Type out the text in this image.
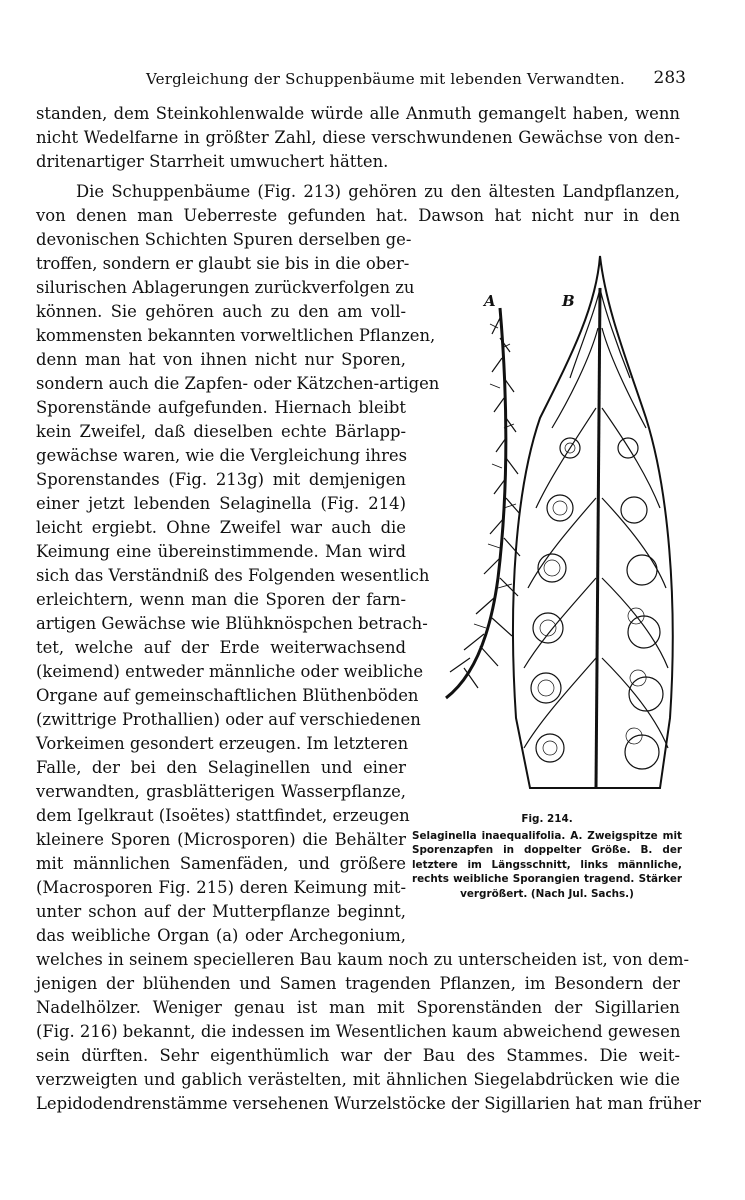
Vergleichung der Schuppenbäume mit lebenden Verwandten. 283
standen, dem Steinkohlenwalde würde alle Anmuth gemangelt haben, wenn
nicht Wedelfarne in größter Zahl, diese verschwundenen Gewächse von den-
dritenartiger Starrheit umwuchert hätten.
Die Schuppenbäume (Fig. 213) gehören zu den ältesten Landpflanzen,
von denen man Ueberreste gefunden hat. Dawson hat nicht nur in den
devonischen Schichten Spuren derselben ge-
troffen, sondern er glaubt sie bis in die ober-
silurischen Ablagerungen zurückverfolgen zu
können. Sie gehören auch zu den am voll-
kommensten bekannten vorweltlichen Pflanzen,
denn man hat von ihnen nicht nur Sporen,
sondern auch die Zapfen- oder Kätzchen-artigen
Sporenstände aufgefunden. Hiernach bleibt
kein Zweifel, daß dieselben echte Bärlapp-
gewächse waren, wie die Vergleichung ihres
Sporenstandes (Fig. 213g) mit demjenigen
einer jetzt lebenden Selaginella (Fig. 214)
leicht ergiebt. Ohne Zweifel war auch die
Keimung eine übereinstimmende. Man wird
sich das Verständniß des Folgenden wesentlich
erleichtern, wenn man die Sporen der farn-
artigen Gewächse wie Blühknöspchen betrach-
tet, welche auf der Erde weiterwachsend
(keimend) entweder männliche oder weibliche
Organe auf gemeinschaftlichen Blüthenböden
(zwittrige Prothallien) oder auf verschiedenen
Vorkeimen gesondert erzeugen. Im letzteren
Falle, der bei den Selaginellen und einer
verwandten, grasblätterigen Wasserpflanze,
dem Igelkraut (Isoëtes) stattfindet, erzeugen
kleinere Sporen (Microsporen) die Behälter
mit männlichen Samenfäden, und größere
(Macrosporen Fig. 215) deren Keimung mit-
unter schon auf der Mutterpflanze beginnt,
das weibliche Organ (a) oder Archegonium,
welches in seinem specielleren Bau kaum noch zu unterscheiden ist, von dem-
jenigen der blühenden und Samen tragenden Pflanzen, im Besondern der
Nadelhölzer. Weniger genau ist man mit Sporenständen der Sigillarien
(Fig. 216) bekannt, die indessen im Wesentlichen kaum abweichend gewesen
sein dürften. Sehr eigenthümlich war der Bau des Stammes. Die weit-
verzweigten und gablich verästelten, mit ähnlichen Siegelabdrücken wie die
Lepidodendrenstämme versehenen Wurzelstöcke der Sigillarien hat man früher
A	B
Fig. 214.
Selaginella inaequalifolia. A. Zweigspitze mit Sporenzapfen in doppelter Größe. B. der letztere im Längsschnitt, links männliche, rechts weibliche Sporangien tragend. Stärker vergrößert. (Nach Jul. Sachs.)
